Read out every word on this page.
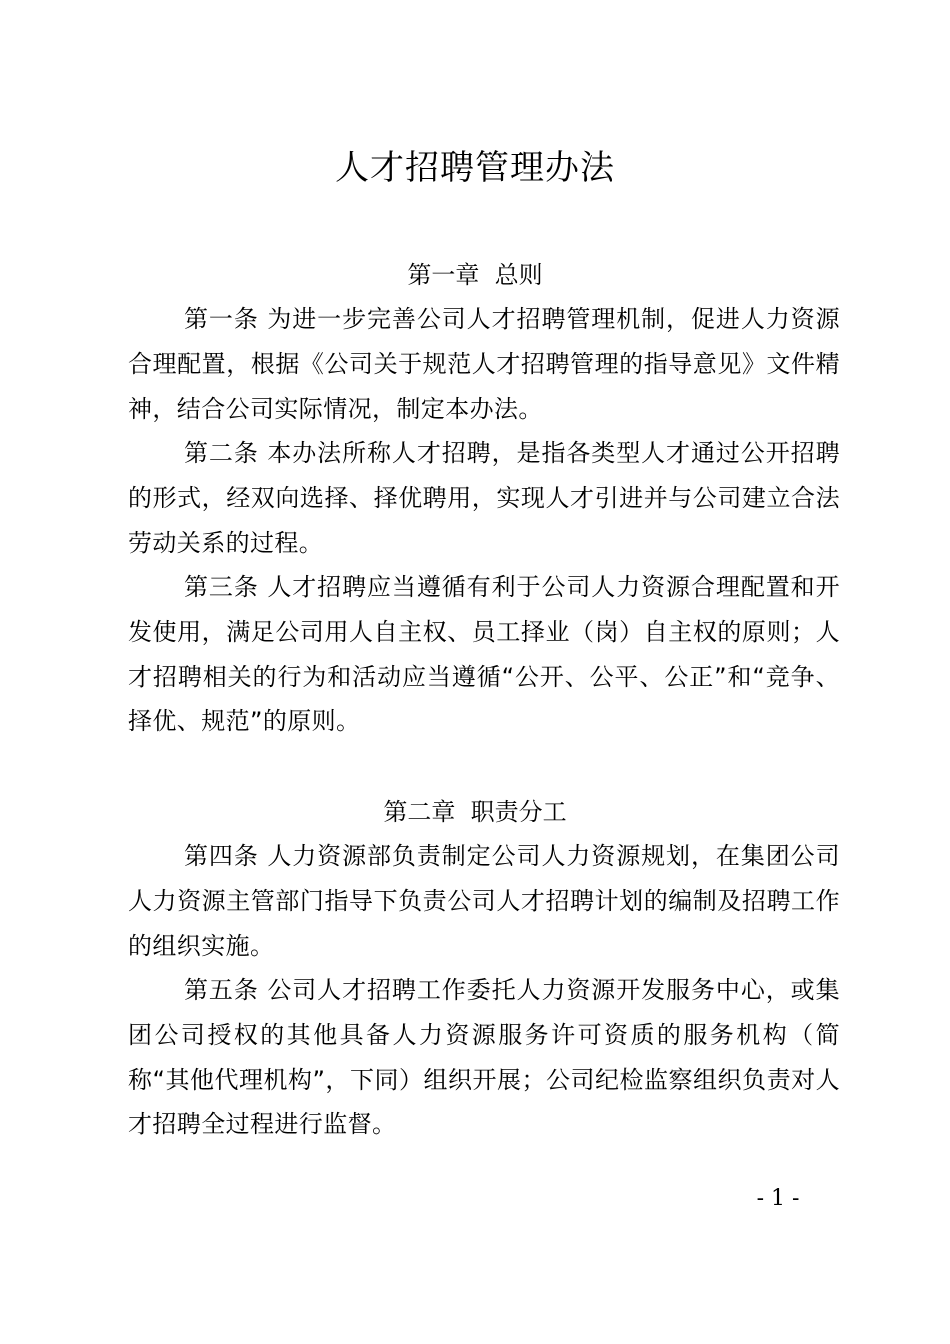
人才招聘管理办法
第一章  总则

第一条 为进一步完善公司人才招聘管理机制，促进人力资源合理配置，根据《公司关于规范人才招聘管理的指导意见》文件精神，结合公司实际情况，制定本办法。

第二条 本办法所称人才招聘，是指各类型人才通过公开招聘的形式，经双向选择、择优聘用，实现人才引进并与公司建立合法劳动关系的过程。

第三条 人才招聘应当遵循有利于公司人力资源合理配置和开发使用，满足公司用人自主权、员工择业（岗）自主权的原则；人才招聘相关的行为和活动应当遵循“公开、公平、公正”和“竞争、择优、规范”的原则。

第二章  职责分工

第四条 人力资源部负责制定公司人力资源规划，在集团公司人力资源主管部门指导下负责公司人才招聘计划的编制及招聘工作的组织实施。

第五条 公司人才招聘工作委托人力资源开发服务中心，或集团公司授权的其他具备人力资源服务许可资质的服务机构（简称“其他代理机构”，下同）组织开展；公司纪检监察组织负责对人才招聘全过程进行监督。

- 1 -
